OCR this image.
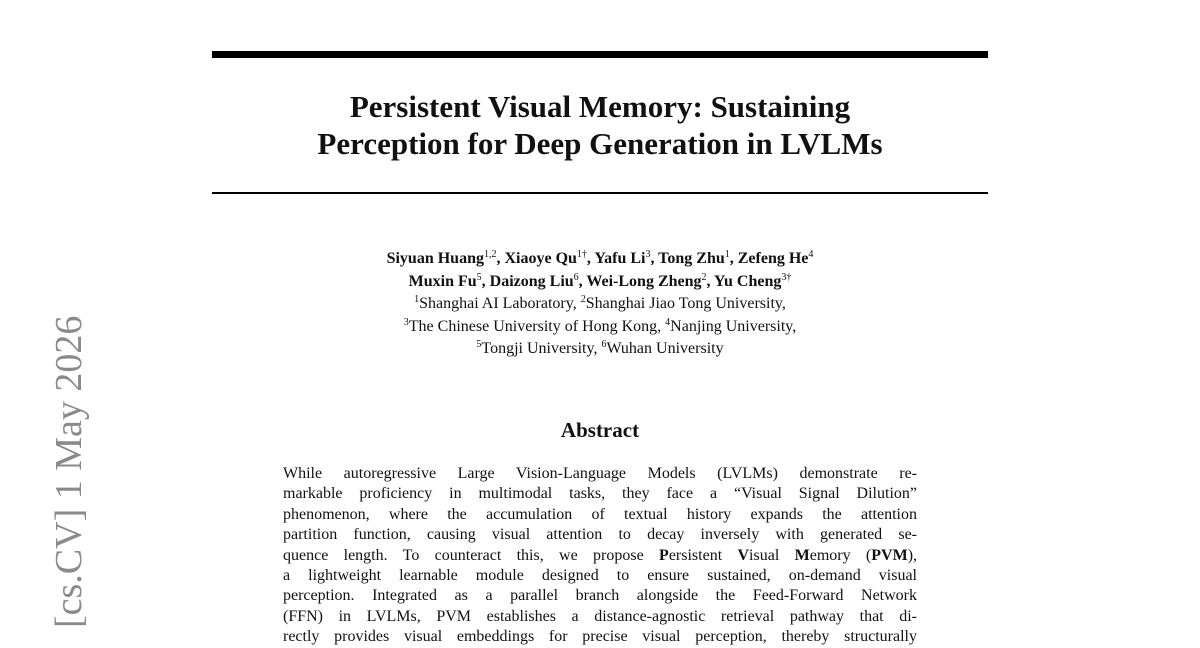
[cs.CV] 1 May 2026
Persistent Visual Memory: Sustaining
Perception for Deep Generation in LVLMs
Siyuan Huang$^{1,2}$, Xiaoye $Qu^{1\dagger}$, Yafu Li$^3$, Tong Zhu$^1$, Zefeng He$^4$
Muxin Fu$^5$, Daizong Liu$^6$, Wei-Long Zheng$^2$, Yu Cheng$^{3\dagger}$
$^1$Shanghai AI Laboratory, $^2$Shanghai Jiao Tong University,
$^3$The Chinese University of Hong Kong, $^4$Nanjing University,
$^5$Tongji University, $^6$Wuhan University
Abstract
While autoregressive Large Vision-Language Models (LVLMs) demonstrate re-
markable proficiency in multimodal tasks, they face a “Visual Signal Dilution”
phenomenon, where the accumulation of textual history expands the attention
partition function, causing visual attention to decay inversely with generated se-
quence length. To counteract this, we propose Persistent Visual Memory (PVM),
a lightweight learnable module designed to ensure sustained, on-demand visual
perception. Integrated as a parallel branch alongside the Feed-Forward Network
(FFN) in LVLMs, PVM establishes a distance-agnostic retrieval pathway that di-
rectly provides visual embeddings for precise visual perception, thereby structurally
